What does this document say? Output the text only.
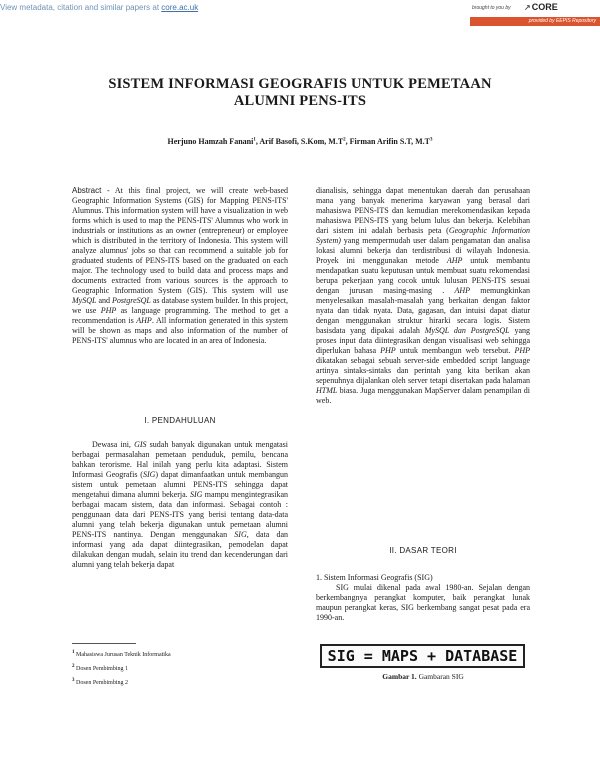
View metadata, citation and similar papers at core.ac.uk	brought to you by ↗CORE
provided by EEPIS Repository
SISTEM INFORMASI GEOGRAFIS UNTUK PEMETAAN
ALUMNI PENS-ITS
Herjuno Hamzah Fanani$^1$, Arif Basofi, S.Kom, $M.T^2$, Firman Arifin S.T, $M.T^3$
Abstract - At this final project, we will create web-based Geographic Information Systems (GIS) for Mapping PENS-ITS' Alumnus. This information system will have a visualization in web forms which is used to map the PENS-ITS' Alumnus who work in industrials or institutions as an owner (entrepreneur) or employee which is distributed in the territory of Indonesia. This system will analyze alumnus' jobs so that can recommend a suitable job for graduated students of PENS-ITS based on the graduated on each major. The technology used to build data and process maps and documents extracted from various sources is the approach to Geographic Information System (GIS). This system will use MySQL and PostgreSQL as database system builder. In this project, we use PHP as language programming. The method to get a recommendation is AHP. All information generated in this system will be shown as maps and also information of the number of PENS-ITS' alumnus who are located in an area of Indonesia.
I. PENDAHULUAN
Dewasa ini, GIS sudah banyak digunakan untuk mengatasi berbagai permasalahan pemetaan penduduk, pemilu, bencana bahkan terorisme. Hal inilah yang perlu kita adaptasi. Sistem Informasi Geografis (SIG) dapat dimanfaatkan untuk membangun sistem untuk pemetaan alumni PENS-ITS sehingga dapat mengetahui dimana alumni bekerja. SIG mampu mengintegrasikan berbagai macam sistem, data dan informasi. Sebagai contoh : penggunaan data dari PENS-ITS yang berisi tentang data-data alumni yang telah bekerja digunakan untuk pemetaan alumni PENS-ITS nantinya. Dengan menggunakan SIG, data dan informasi yang ada dapat diintegrasikan, pemodelan dapat dilakukan dengan mudah, selain itu trend dan kecenderungan dari alumni yang telah bekerja dapat
$^1$ Mahasiswa Jurusan Teknik Informatika
$^2$ Dosen Pembimbing 1
$^3$ Dosen Pembimbing 2
dianalisis, sehingga dapat menentukan daerah dan perusahaan mana yang banyak menerima karyawan yang berasal dari mahasiswa PENS-ITS dan kemudian merekomendasikan kepada mahasiswa PENS-ITS yang belum lulus dan bekerja. Kelebihan dari sistem ini adalah berbasis peta (Geographic Information System) yang mempermudah user dalam pengamatan dan analisa lokasi alumni bekerja dan terdistribusi di wilayah Indonesia. Proyek ini menggunakan metode AHP untuk membantu mendapatkan suatu keputusan untuk membuat suatu rekomendasi berupa pekerjaan yang cocok untuk lulusan PENS-ITS sesuai dengan jurusan masing-masing . AHP memungkinkan menyelesaikan masalah-masalah yang berkaitan dengan faktor nyata dan tidak nyata. Data, gagasan, dan intuisi dapat diatur dengan menggunakan struktur hirarki secara logis. Sistem basisdata yang dipakai adalah MySQL dan PostgreSQL yang proses input data diintegrasikan dengan visualisasi web sehingga diperlukan bahasa PHP untuk membangun web tersebut. PHP dikatakan sebagai sebuah server-side embedded script language artinya sintaks-sintaks dan perintah yang kita berikan akan sepenuhnya dijalankan oleh server tetapi disertakan pada halaman HTML biasa. Juga menggunakan MapServer dalam penampilan di web.
II. DASAR TEORI
1. Sistem Informasi Geografis (SIG)
SIG mulai dikenal pada awal 1980-an. Sejalan dengan berkembangnya perangkat komputer, baik perangkat lunak maupun perangkat keras, SIG berkembang sangat pesat pada era 1990-an.
SIG = MAPS + DATABASE
Gambar 1. Gambaran SIG
